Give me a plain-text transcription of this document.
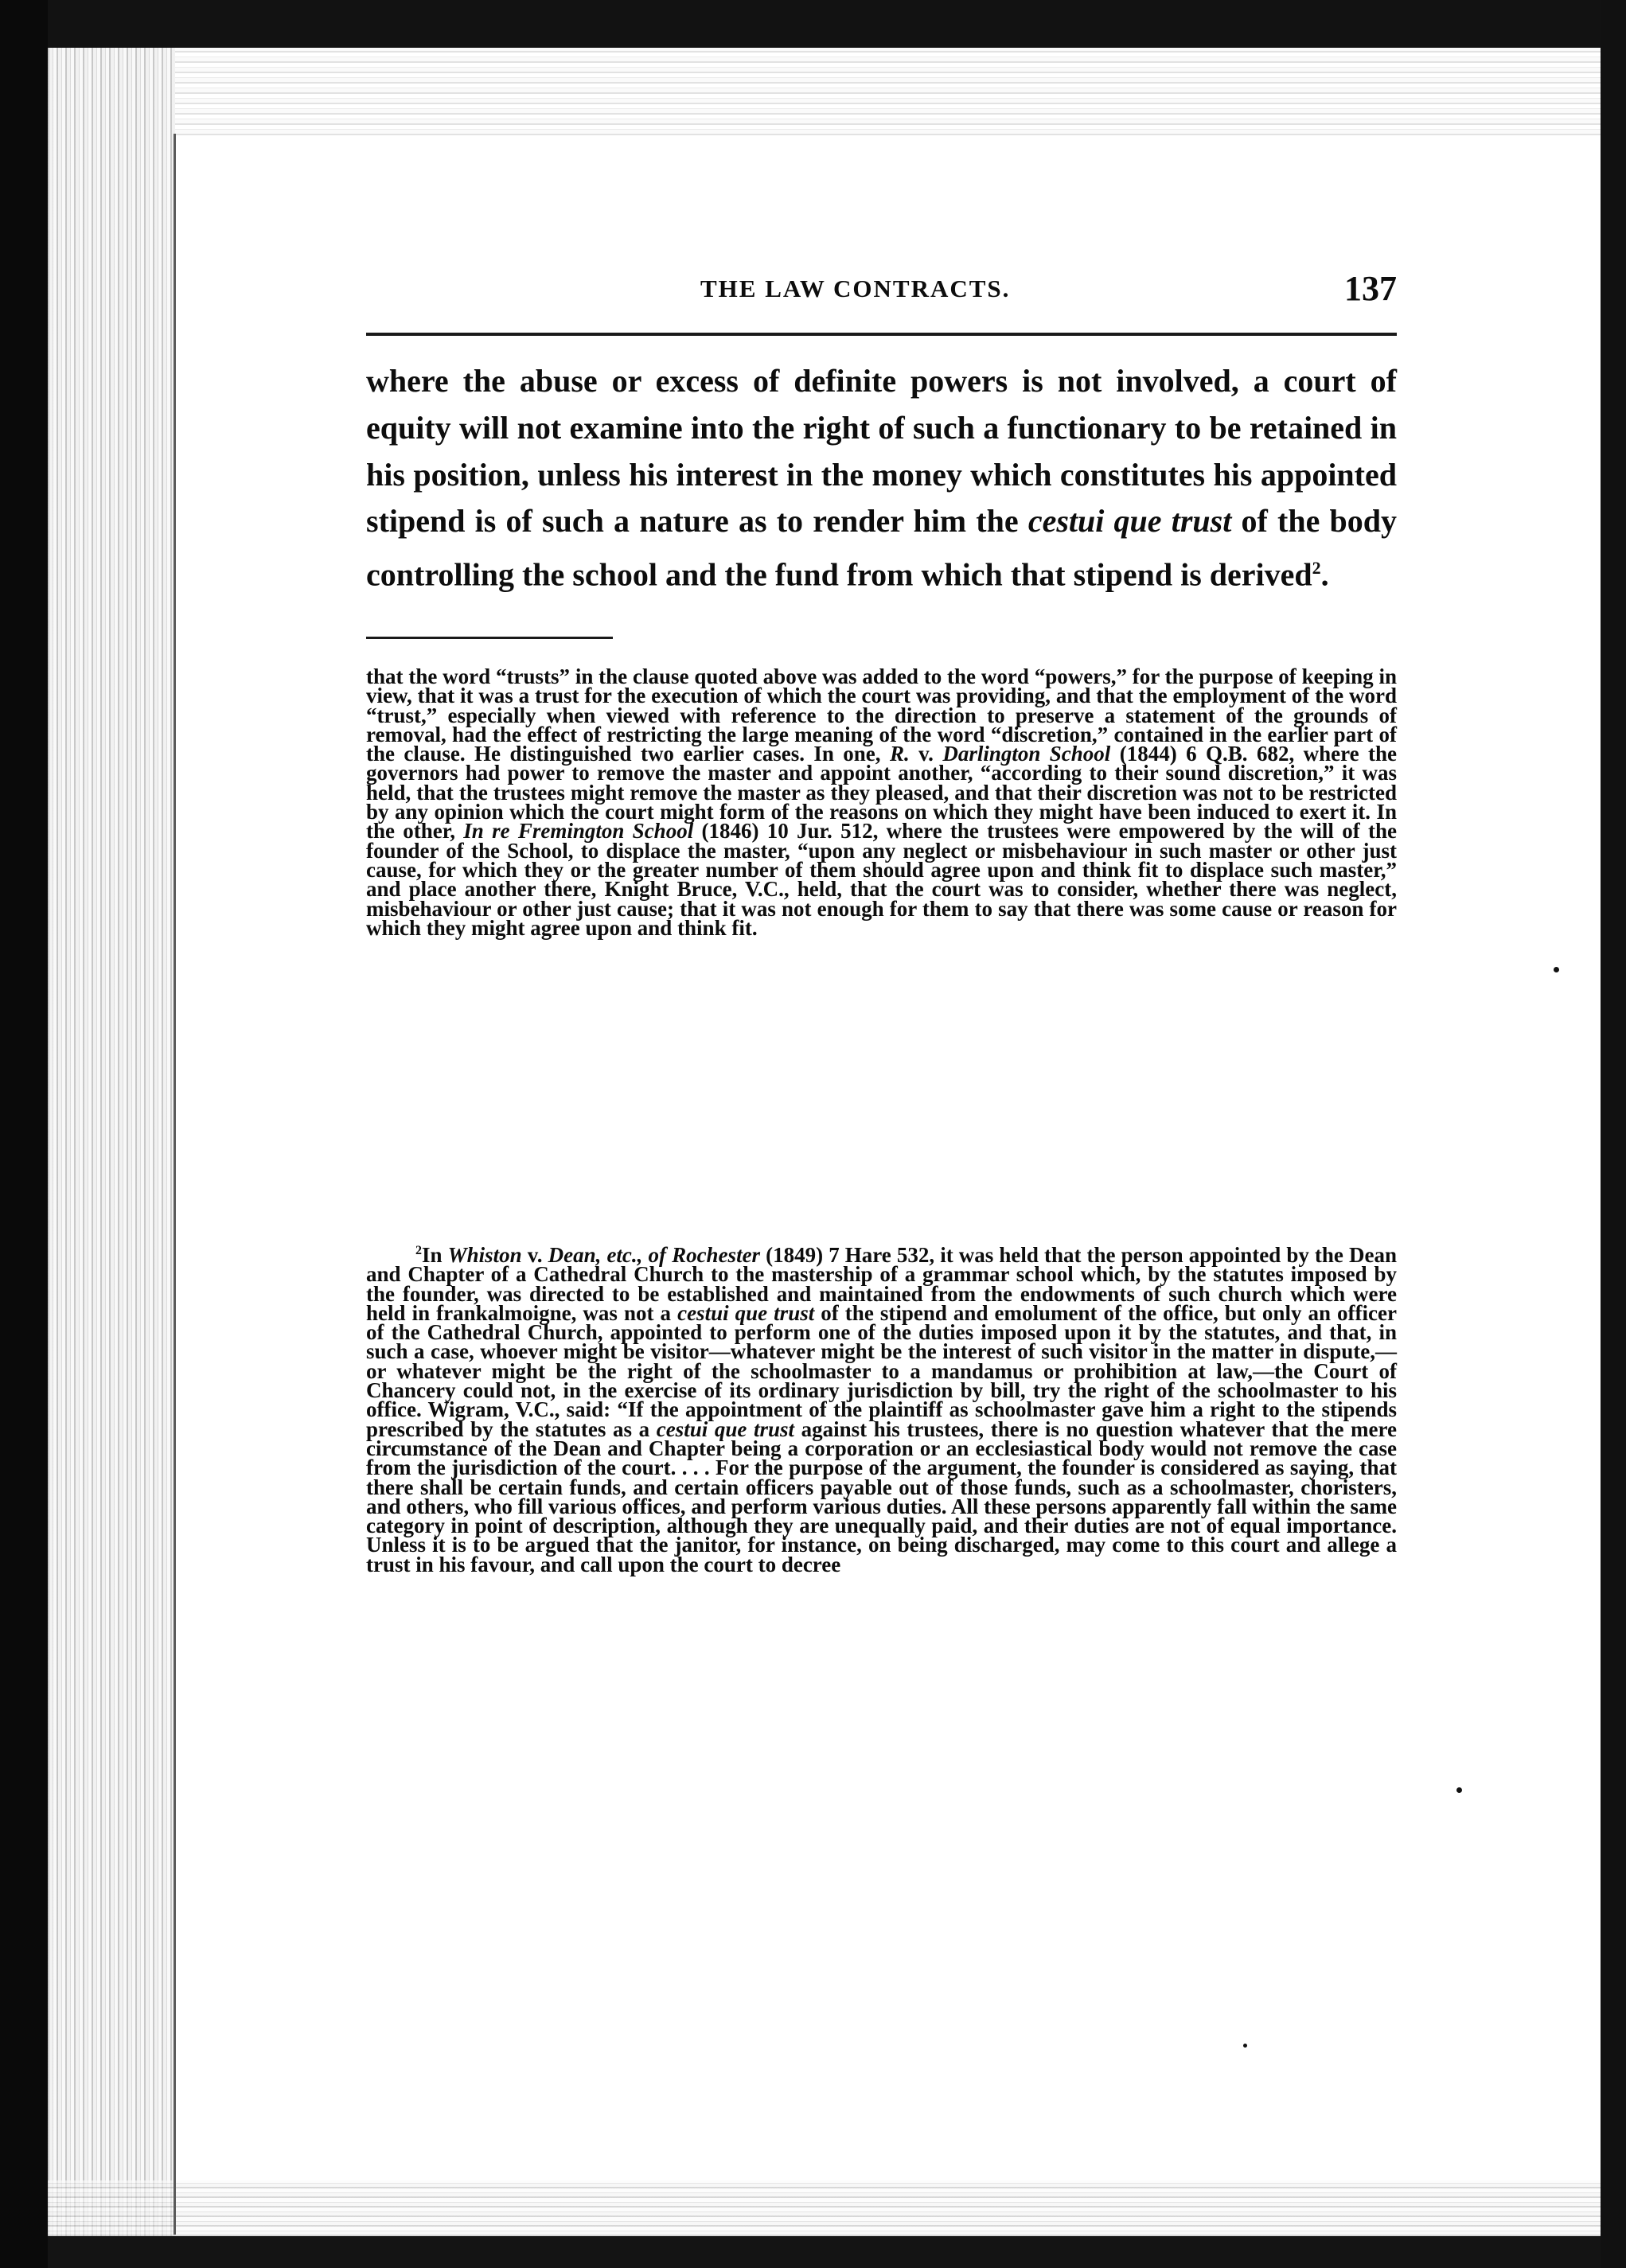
THE LAW CONTRACTS.	137

where the abuse or excess of definite powers is not involved, a court of equity will not examine into the right of such a functionary to be retained in his position, unless his interest in the money which constitutes his appointed stipend is of such a nature as to render him the cestui que trust of the body controlling the school and the fund from which that stipend is derived$^2$.

that the word “trusts” in the clause quoted above was added to the word “powers,” for the purpose of keeping in view, that it was a trust for the execution of which the court was providing, and that the employment of the word “trust,” especially when viewed with reference to the direction to preserve a statement of the grounds of removal, had the effect of restricting the large meaning of the word “discretion,” contained in the earlier part of the clause. He distinguished two earlier cases. In one, R. v. Darlington School (1844) 6 Q.B. 682, where the governors had power to remove the master and appoint another, “according to their sound discretion,” it was held, that the trustees might remove the master as they pleased, and that their discretion was not to be restricted by any opinion which the court might form of the reasons on which they might have been induced to exert it. In the other, In re Fremington School (1846) 10 Jur. 512, where the trustees were empowered by the will of the founder of the School, to displace the master, “upon any neglect or misbehaviour in such master or other just cause, for which they or the greater number of them should agree upon and think fit to displace such master,” and place another there, Knight Bruce, V.C., held, that the court was to consider, whether there was neglect, misbehaviour or other just cause; that it was not enough for them to say that there was some cause or reason for which they might agree upon and think fit.

$^2$In Whiston v. Dean, etc., of Rochester (1849) 7 Hare 532, it was held that the person appointed by the Dean and Chapter of a Cathedral Church to the mastership of a grammar school which, by the statutes imposed by the founder, was directed to be established and maintained from the endowments of such church which were held in frankalmoigne, was not a cestui que trust of the stipend and emolument of the office, but only an officer of the Cathedral Church, appointed to perform one of the duties imposed upon it by the statutes, and that, in such a case, whoever might be visitor—whatever might be the interest of such visitor in the matter in dispute,—or whatever might be the right of the schoolmaster to a mandamus or prohibition at law,—the Court of Chancery could not, in the exercise of its ordinary jurisdiction by bill, try the right of the schoolmaster to his office. Wigram, V.C., said: “If the appointment of the plaintiff as schoolmaster gave him a right to the stipends prescribed by the statutes as a cestui que trust against his trustees, there is no question whatever that the mere circumstance of the Dean and Chapter being a corporation or an ecclesiastical body would not remove the case from the jurisdiction of the court. . . . For the purpose of the argument, the founder is considered as saying, that there shall be certain funds, and certain officers payable out of those funds, such as a schoolmaster, choristers, and others, who fill various offices, and perform various duties. All these persons apparently fall within the same category in point of description, although they are unequally paid, and their duties are not of equal importance. Unless it is to be argued that the janitor, for instance, on being discharged, may come to this court and allege a trust in his favour, and call upon the court to decree
